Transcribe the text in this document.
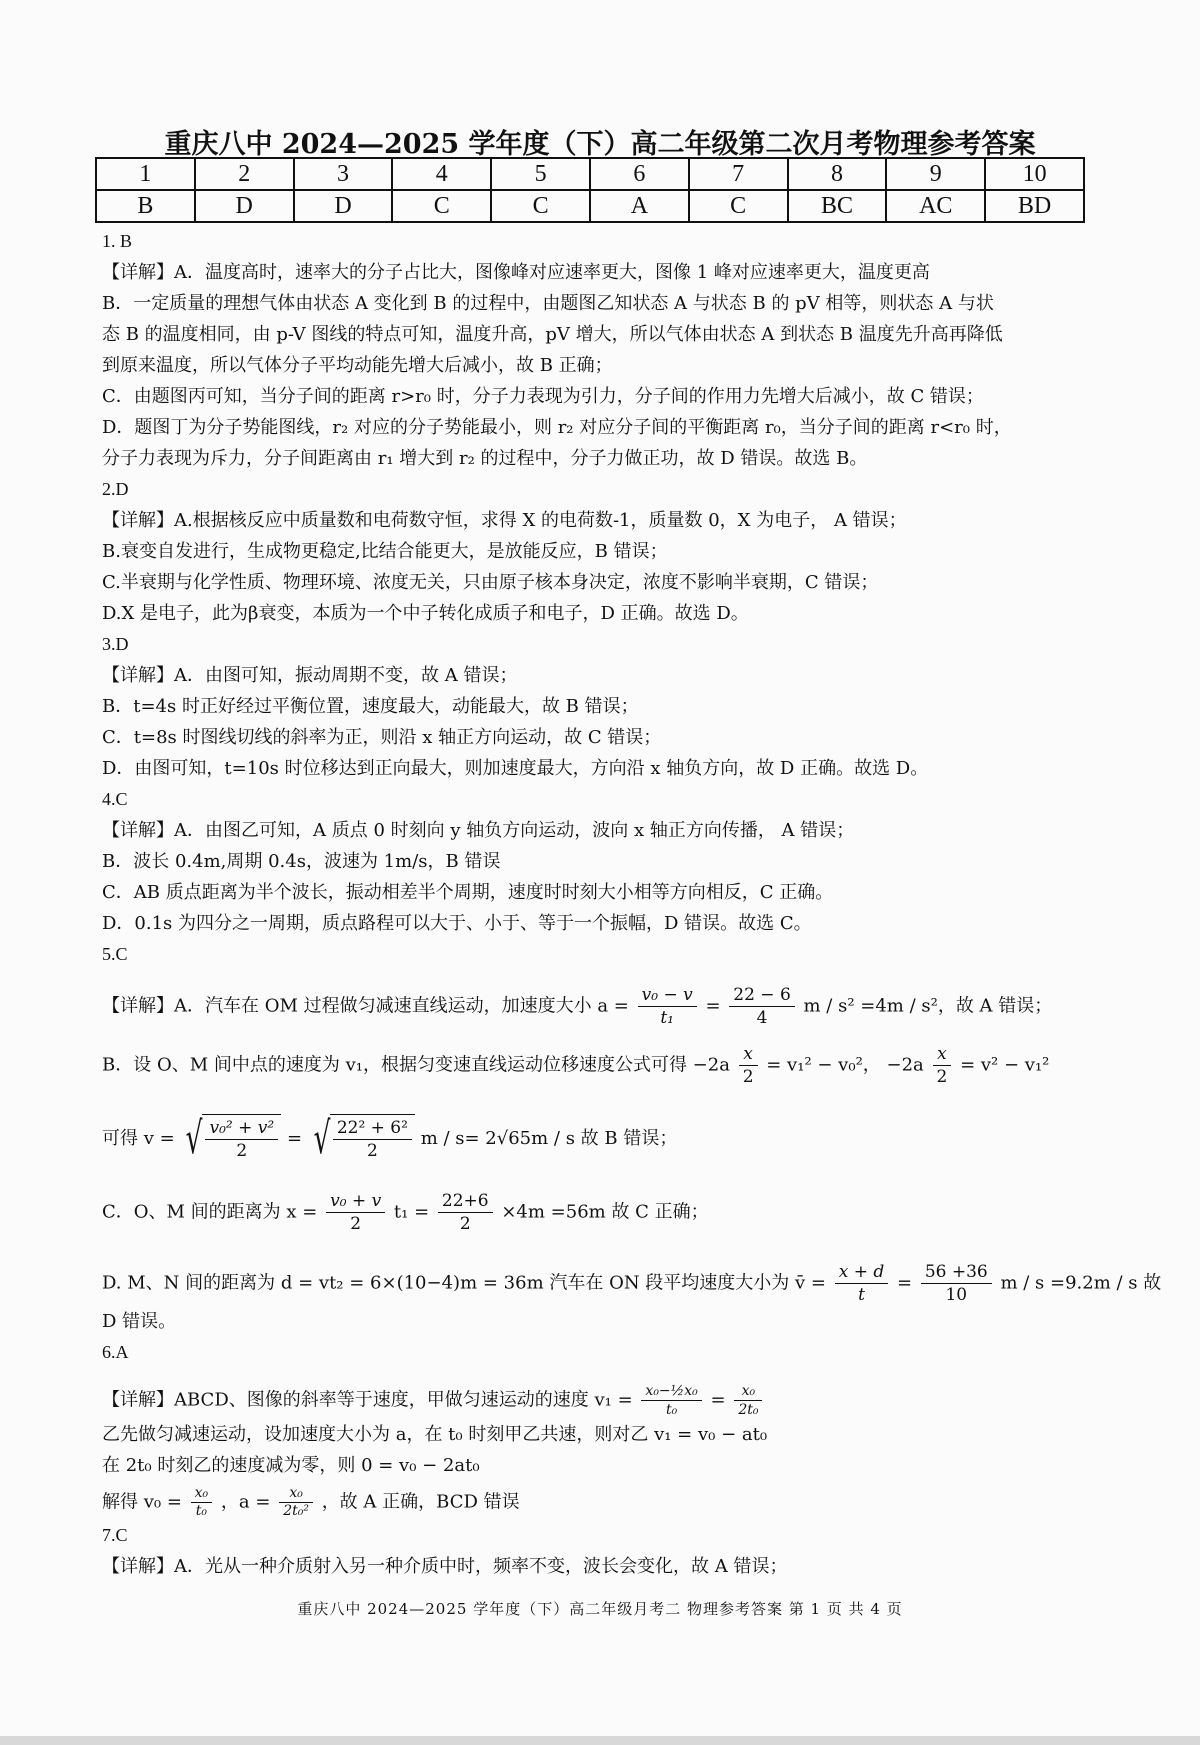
重庆八中 2024—2025 学年度（下）高二年级第二次月考物理参考答案
1	2	3	4	5	6	7	8	9	10
B	D	D	C	C	A	C	BC	AC	BD
1. B
【详解】A．温度高时，速率大的分子占比大，图像峰对应速率更大，图像 1 峰对应速率更大，温度更高
B．一定质量的理想气体由状态 A 变化到 B 的过程中，由题图乙知状态 A 与状态 B 的 pV 相等，则状态 A 与状
态 B 的温度相同，由 p-V 图线的特点可知，温度升高，pV 增大，所以气体由状态 A 到状态 B 温度先升高再降低
到原来温度，所以气体分子平均动能先增大后减小，故 B 正确；
C．由题图丙可知，当分子间的距离 r>r₀ 时，分子力表现为引力，分子间的作用力先增大后减小，故 C 错误；
D．题图丁为分子势能图线，r₂ 对应的分子势能最小，则 r₂ 对应分子间的平衡距离 r₀，当分子间的距离 r<r₀ 时，
分子力表现为斥力，分子间距离由 r₁ 增大到 r₂ 的过程中，分子力做正功，故 D 错误。故选 B。
2.D
【详解】A.根据核反应中质量数和电荷数守恒，求得 X 的电荷数-1，质量数 0，X 为电子， A 错误；
B.衰变自发进行，生成物更稳定,比结合能更大，是放能反应，B 错误；
C.半衰期与化学性质、物理环境、浓度无关，只由原子核本身决定，浓度不影响半衰期，C 错误；
D.X 是电子，此为β衰变，本质为一个中子转化成质子和电子，D 正确。故选 D。
3.D
【详解】A．由图可知，振动周期不变，故 A 错误；
B．t=4s 时正好经过平衡位置，速度最大，动能最大，故 B 错误；
C．t=8s 时图线切线的斜率为正，则沿 x 轴正方向运动，故 C 错误；
D．由图可知，t=10s 时位移达到正向最大，则加速度最大，方向沿 x 轴负方向，故 D 正确。故选 D。
4.C
【详解】A．由图乙可知，A 质点 0 时刻向 y 轴负方向运动，波向 x 轴正方向传播， A 错误；
B．波长 0.4m,周期 0.4s，波速为 1m/s，B 错误
C．AB 质点距离为半个波长，振动相差半个周期，速度时时刻大小相等方向相反，C 正确。
D．0.1s 为四分之一周期，质点路程可以大于、小于、等于一个振幅，D 错误。故选 C。
5.C
【详解】A．汽车在 OM 过程做匀减速直线运动，加速度大小 $a = \frac{\text{v₀ − v}}{\text{t₁}} = \frac{22 - 6}{4}$ m / s² =4m / s²，故 A 错误；
B．设 O、M 间中点的速度为 v₁，根据匀变速直线运动位移速度公式可得 $-2a \frac{x}{2} = v_1^2 - v_0^2$， $-2a \frac{x}{2} = v^2 - v_1^2$
可得 v = √ $\frac{\text{v₀² + v²}}{2}$ = √ $\frac{\text{22² + 6²}}{2}$ m / s= 2√65m / s 故 B 错误；
C．O、M 间的距离为 $x = \frac{\text{v₀ + v}}{2} t_1 = \frac{22+6}{2} \times 4m =56m$ 故 C 正确；
D. M、N 间的距离为 d = vt₂ = 6×(10−4)m = 36m 汽车在 ON 段平均速度大小为 v̄ = $\frac{x + d}{t} = \frac{56 +36}{10}$ m / s =9.2m / s 故
D 错误。
6.A
【详解】ABCD、图像的斜率等于速度，甲做匀速运动的速度 $v_1 = \frac{\text{x₀−½x₀}}{\text{t₀}} = \frac{\text{x₀}}{\text{2t₀}}$
乙先做匀减速运动，设加速度大小为 a，在 t₀ 时刻甲乙共速，则对乙 v₁ = v₀ − at₀
在 2t₀ 时刻乙的速度减为零，则 0 = v₀ − 2at₀
解得 $v_0 = \frac{\text{x₀}}{\text{t₀}}$ ，$a = \frac{\text{x₀}}{\text{2t₀²}}$ ，故 A 正确，BCD 错误
7.C
【详解】A．光从一种介质射入另一种介质中时，频率不变，波长会变化，故 A 错误；
重庆八中 2024—2025 学年度（下）高二年级月考二 物理参考答案 第 1 页 共 4 页
